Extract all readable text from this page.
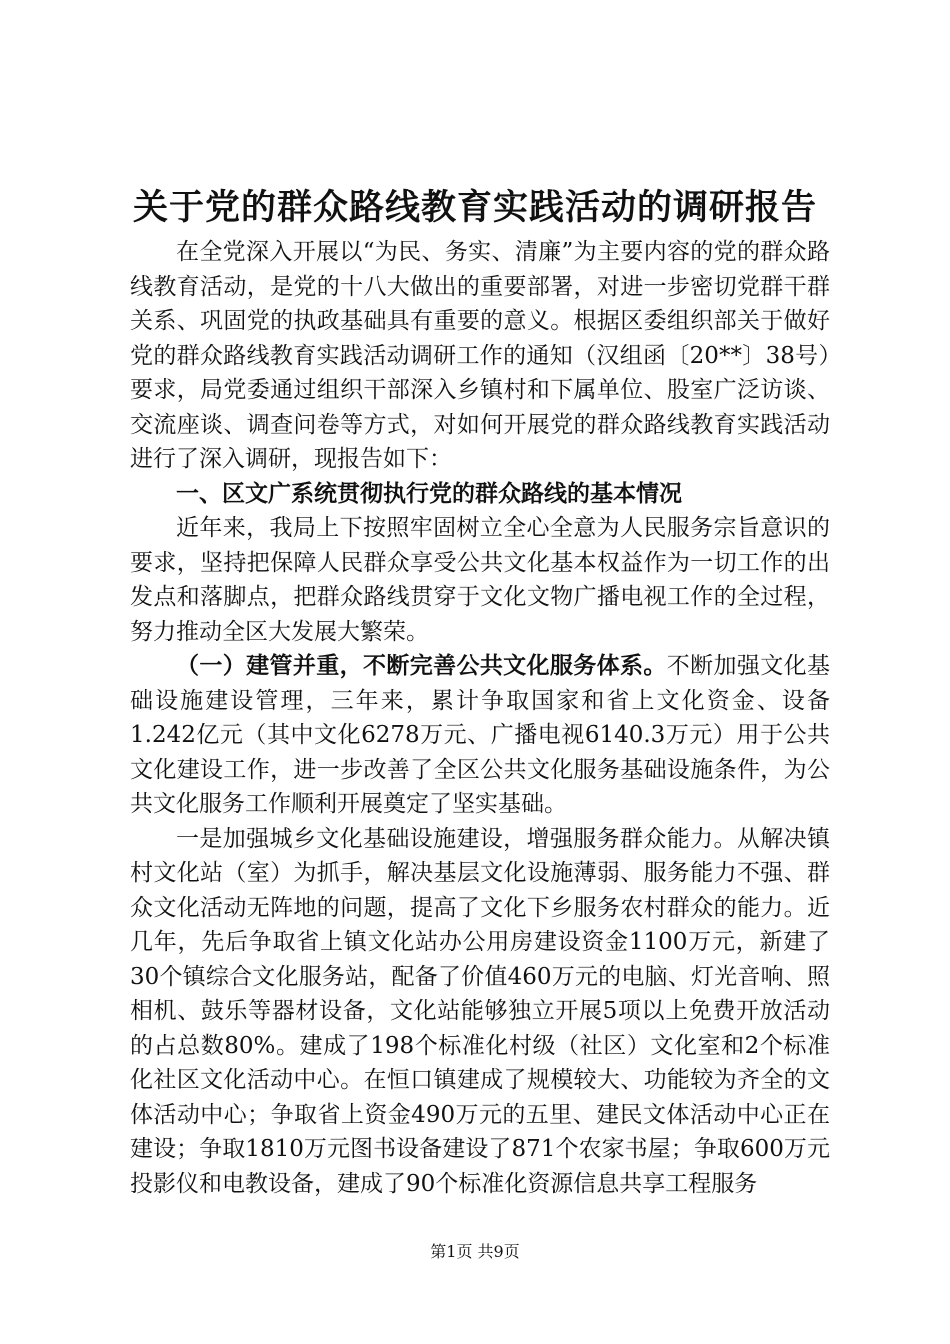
关于党的群众路线教育实践活动的调研报告

在全党深入开展以“为民、务实、清廉”为主要内容的党的群众路线教育活动，是党的十八大做出的重要部署，对进一步密切党群干群关系、巩固党的执政基础具有重要的意义。根据区委组织部关于做好党的群众路线教育实践活动调研工作的通知（汉组函〔20**〕38号）要求，局党委通过组织干部深入乡镇村和下属单位、股室广泛访谈、交流座谈、调查问卷等方式，对如何开展党的群众路线教育实践活动进行了深入调研，现报告如下：

一、区文广系统贯彻执行党的群众路线的基本情况

近年来，我局上下按照牢固树立全心全意为人民服务宗旨意识的要求，坚持把保障人民群众享受公共文化基本权益作为一切工作的出发点和落脚点，把群众路线贯穿于文化文物广播电视工作的全过程，努力推动全区大发展大繁荣。

（一）建管并重，不断完善公共文化服务体系。不断加强文化基础设施建设管理，三年来，累计争取国家和省上文化资金、设备1.242亿元（其中文化6278万元、广播电视6140.3万元）用于公共文化建设工作，进一步改善了全区公共文化服务基础设施条件，为公共文化服务工作顺利开展奠定了坚实基础。

一是加强城乡文化基础设施建设，增强服务群众能力。从解决镇村文化站（室）为抓手，解决基层文化设施薄弱、服务能力不强、群众文化活动无阵地的问题，提高了文化下乡服务农村群众的能力。近几年，先后争取省上镇文化站办公用房建设资金1100万元，新建了30个镇综合文化服务站，配备了价值460万元的电脑、灯光音响、照相机、鼓乐等器材设备，文化站能够独立开展5项以上免费开放活动的占总数80%。建成了198个标准化村级（社区）文化室和2个标准化社区文化活动中心。在恒口镇建成了规模较大、功能较为齐全的文体活动中心；争取省上资金490万元的五里、建民文体活动中心正在建设；争取1810万元图书设备建设了871个农家书屋；争取600万元投影仪和电教设备，建成了90个标准化资源信息共享工程服务

第1页 共9页
